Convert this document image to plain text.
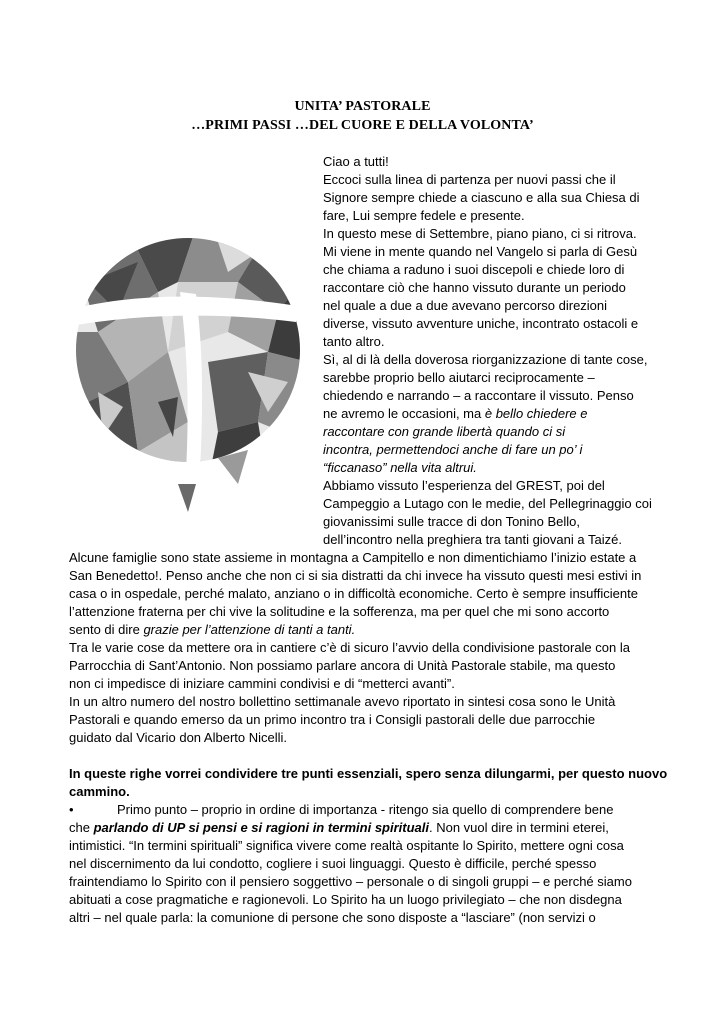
UNITA’ PASTORALE
…PRIMI PASSI …DEL CUORE E DELLA VOLONTA’
Ciao a tutti!
Eccoci sulla linea di partenza per nuovi passi che il
Signore sempre chiede a ciascuno e alla sua Chiesa di
fare, Lui sempre fedele e presente.
In questo mese di Settembre, piano piano, ci si ritrova.
Mi viene in mente quando nel Vangelo si parla di Gesù
che chiama a raduno i suoi discepoli e chiede loro di
raccontare ciò che hanno vissuto durante un periodo
nel quale a due a due avevano percorso direzioni
diverse, vissuto avventure uniche, incontrato ostacoli e
tanto altro.
Sì, al di là della doverosa riorganizzazione di tante cose,
sarebbe proprio bello aiutarci reciprocamente –
chiedendo e narrando – a raccontare il vissuto. Penso
ne avremo le occasioni, ma è bello chiedere e
raccontare con grande libertà quando ci si
incontra, permettendoci anche di fare un po’ i
“ficcanaso” nella vita altrui.
Abbiamo vissuto l’esperienza del GREST, poi del
Campeggio a Lutago con le medie, del Pellegrinaggio coi
giovanissimi sulle tracce di don Tonino Bello,
dell’incontro nella preghiera tra tanti giovani a Taizé.
Alcune famiglie sono state assieme in montagna a Campitello e non dimentichiamo l’inizio estate a
San Benedetto!. Penso anche che non ci si sia distratti da chi invece ha vissuto questi mesi estivi in
casa o in ospedale, perché malato, anziano o in difficoltà economiche. Certo è sempre insufficiente
l’attenzione fraterna per chi vive la solitudine e la sofferenza, ma per quel che mi sono accorto
sento di dire grazie per l’attenzione di tanti a tanti.
Tra le varie cose da mettere ora in cantiere c’è di sicuro l’avvio della condivisione pastorale con la
Parrocchia di Sant’Antonio. Non possiamo parlare ancora di Unità Pastorale stabile, ma questo
non ci impedisce di iniziare cammini condivisi e di “metterci avanti”.
In un altro numero del nostro bollettino settimanale avevo riportato in sintesi cosa sono le Unità
Pastorali e quando emerso da un primo incontro tra i Consigli pastorali delle due parrocchie
guidato dal Vicario don Alberto Nicelli.
In queste righe vorrei condividere tre punti essenziali, spero senza dilungarmi, per questo nuovo
cammino.
•	Primo punto – proprio in ordine di importanza - ritengo sia quello di comprendere bene
che parlando di UP si pensi e si ragioni in termini spirituali. Non vuol dire in termini eterei,
intimistici. “In termini spirituali” significa vivere come realtà ospitante lo Spirito, mettere ogni cosa
nel discernimento da lui condotto, cogliere i suoi linguaggi. Questo è difficile, perché spesso
fraintendiamo lo Spirito con il pensiero soggettivo – personale o di singoli gruppi – e perché siamo
abituati a cose pragmatiche e ragionevoli. Lo Spirito ha un luogo privilegiato – che non disdegna
altri – nel quale parla: la comunione di persone che sono disposte a “lasciare” (non servizi o
